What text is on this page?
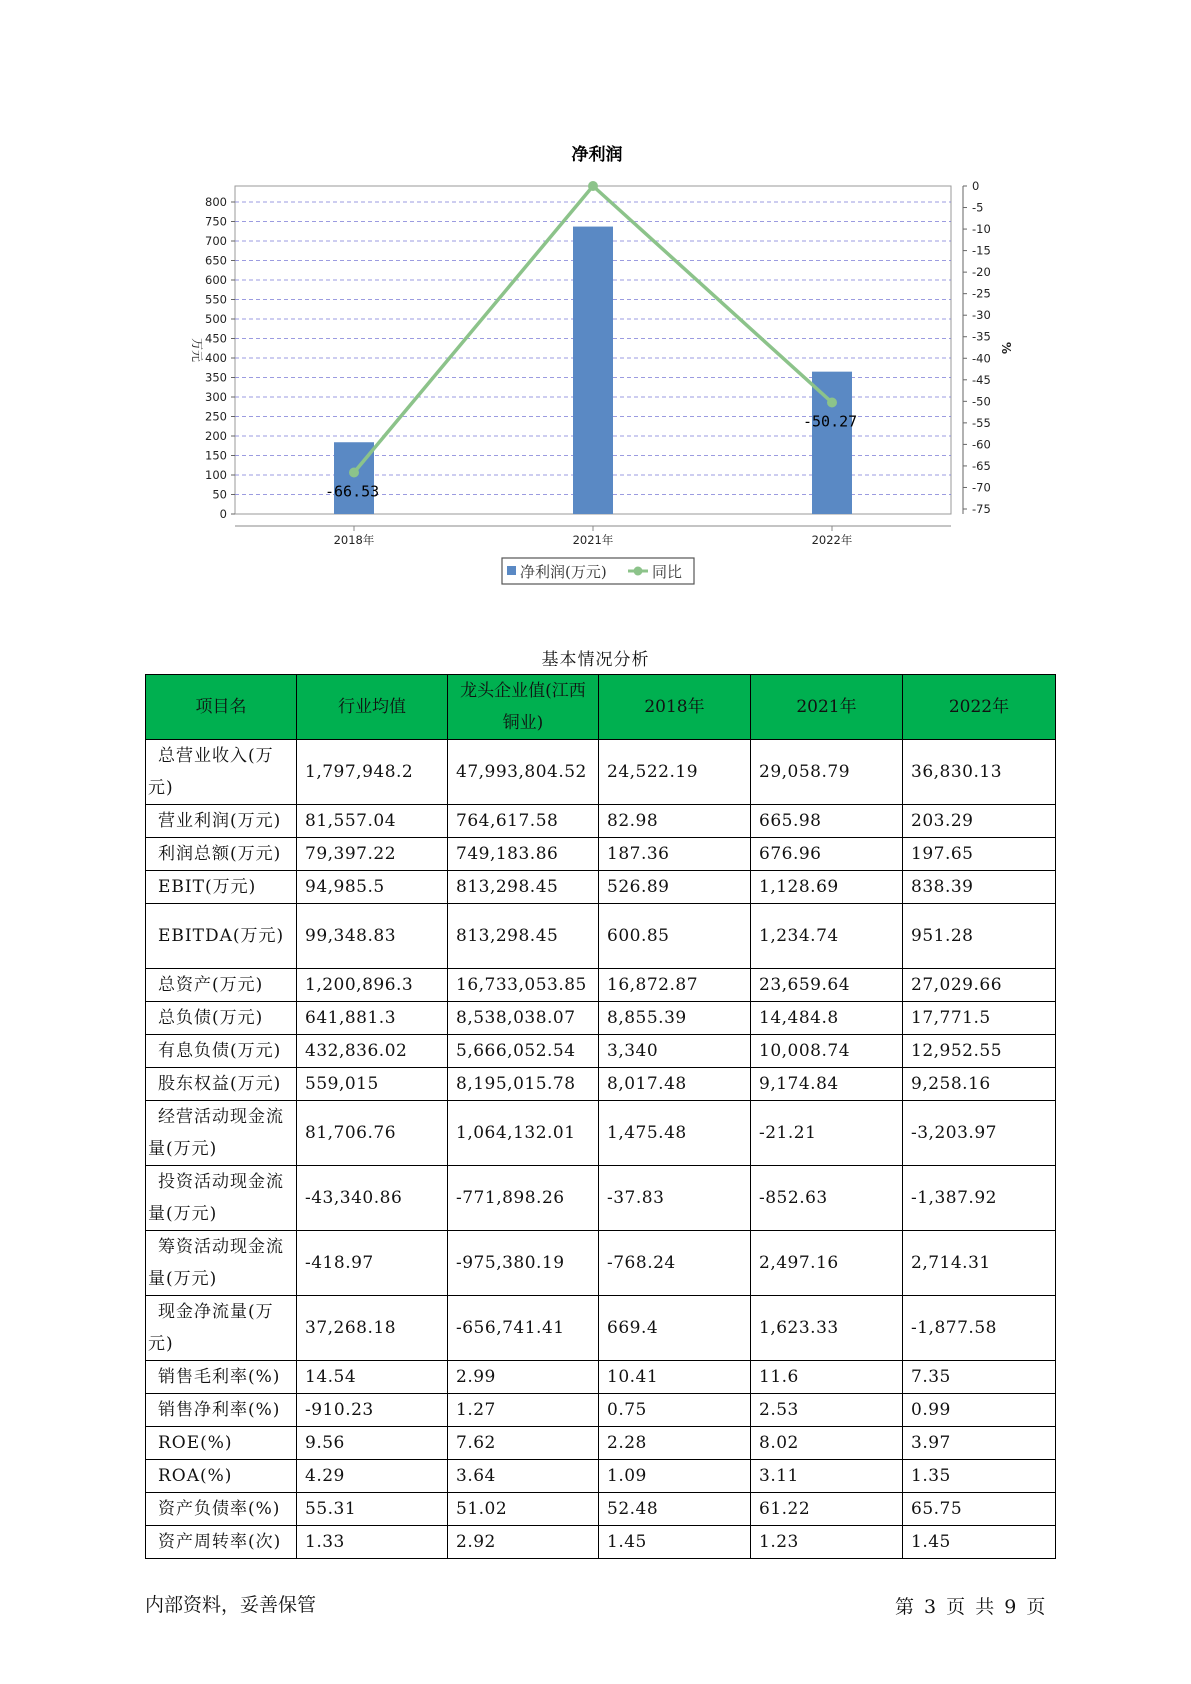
净利润
0
50
100
150
200
250
300
350
400
450
500
550
600
650
700
750
800
0
-5
-10
-15
-20
-25
-30
-35
-40
-45
-50
-55
-60
-65
-70
-75
-66.53
-50.27
2018年	2021年	2022年
万元	%
净利润(万元)	同比
基本情况分析
项目名	行业均值	龙头企业值(江西铜业)	2018年	2021年	2022年
总营业收入(万元)	1,797,948.2	47,993,804.52	24,522.19	29,058.79	36,830.13
营业利润(万元)	81,557.04	764,617.58	82.98	665.98	203.29
利润总额(万元)	79,397.22	749,183.86	187.36	676.96	197.65
EBIT(万元)	94,985.5	813,298.45	526.89	1,128.69	838.39
EBITDA(万元)	99,348.83	813,298.45	600.85	1,234.74	951.28
总资产(万元)	1,200,896.3	16,733,053.85	16,872.87	23,659.64	27,029.66
总负债(万元)	641,881.3	8,538,038.07	8,855.39	14,484.8	17,771.5
有息负债(万元)	432,836.02	5,666,052.54	3,340	10,008.74	12,952.55
股东权益(万元)	559,015	8,195,015.78	8,017.48	9,174.84	9,258.16
经营活动现金流量(万元)	81,706.76	1,064,132.01	1,475.48	-21.21	-3,203.97
投资活动现金流量(万元)	-43,340.86	-771,898.26	-37.83	-852.63	-1,387.92
筹资活动现金流量(万元)	-418.97	-975,380.19	-768.24	2,497.16	2,714.31
现金净流量(万元)	37,268.18	-656,741.41	669.4	1,623.33	-1,877.58
销售毛利率(%)	14.54	2.99	10.41	11.6	7.35
销售净利率(%)	-910.23	1.27	0.75	2.53	0.99
ROE(%)	9.56	7.62	2.28	8.02	3.97
ROA(%)	4.29	3.64	1.09	3.11	1.35
资产负债率(%)	55.31	51.02	52.48	61.22	65.75
资产周转率(次)	1.33	2.92	1.45	1.23	1.45
内部资料，妥善保管	第 3 页 共 9 页
